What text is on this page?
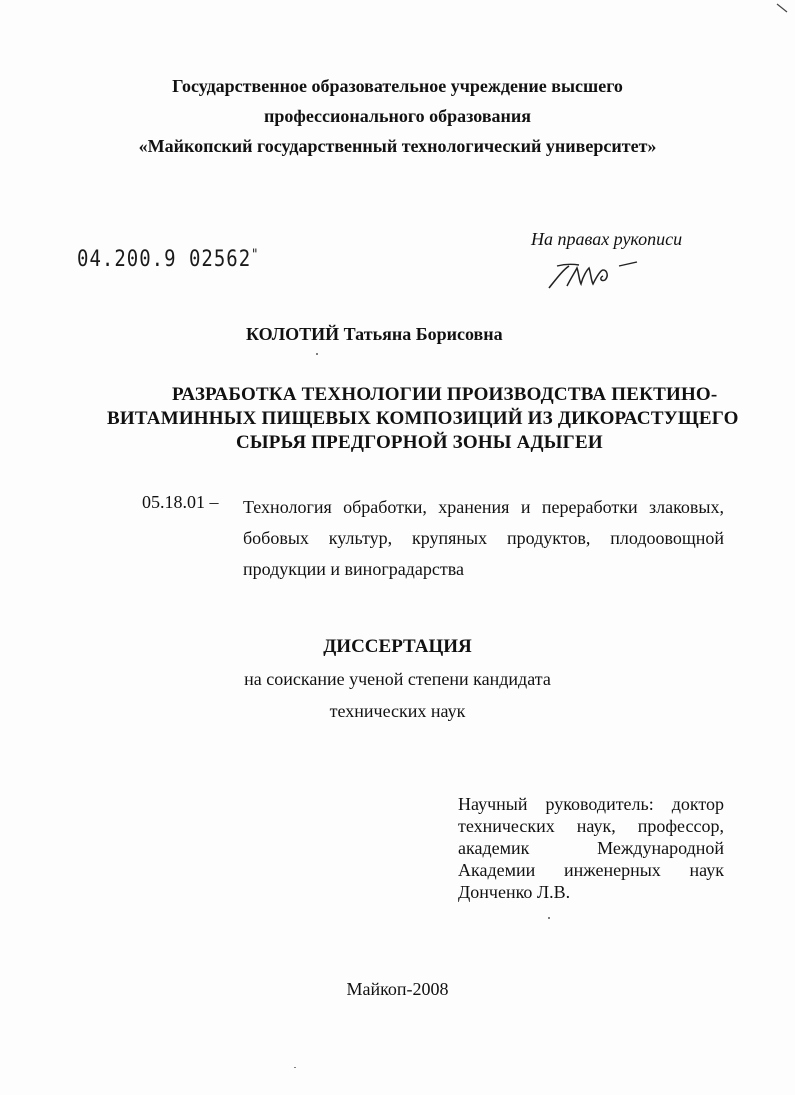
Государственное образовательное учреждение высшего
профессионального образования
«Майкопский государственный технологический университет»
04.200.9 02562"
На правах рукописи
КОЛОТИЙ Татьяна Борисовна
РАЗРАБОТКА ТЕХНОЛОГИИ ПРОИЗВОДСТВА ПЕКТИНО-
ВИТАМИННЫХ ПИЩЕВЫХ КОМПОЗИЦИЙ ИЗ ДИКОРАСТУЩЕГО
СЫРЬЯ ПРЕДГОРНОЙ ЗОНЫ АДЫГЕИ
05.18.01 – Технология обработки, хранения и переработки злаковых,
бобовых культур, крупяных продуктов, плодоовощной
продукции и виноградарства
ДИССЕРТАЦИЯ
на соискание ученой степени кандидата
технических наук
Научный руководитель: доктор
технических наук, профессор,
академик	Международной
Академии инженерных наук
Донченко Л.В.
Майкоп-2008
